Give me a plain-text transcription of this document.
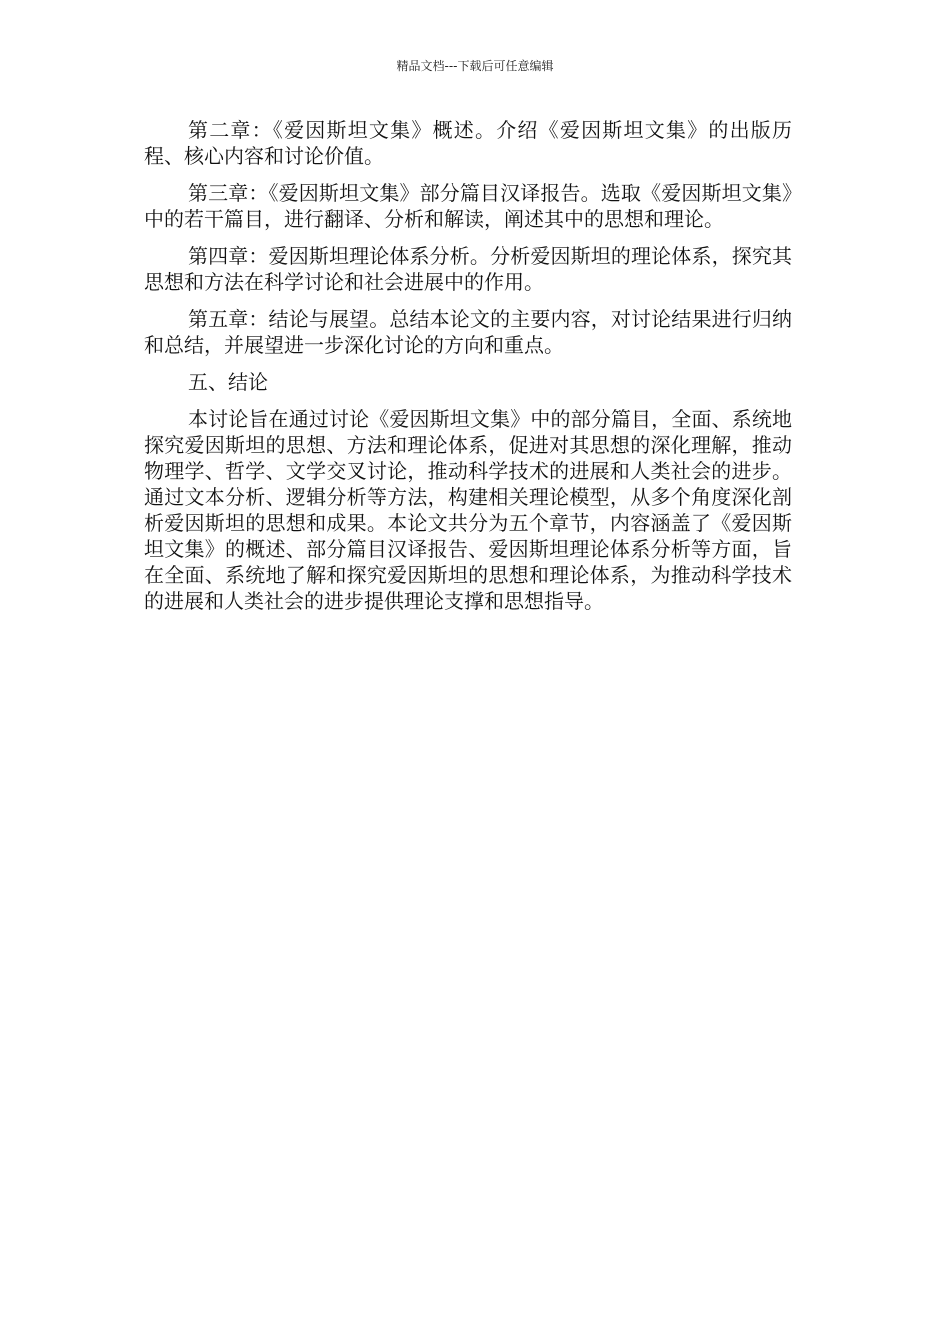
精品文档---下载后可任意编辑

第二章：《爱因斯坦文集》概述。介绍《爱因斯坦文集》的出版历程、核心内容和讨论价值。

第三章：《爱因斯坦文集》部分篇目汉译报告。选取《爱因斯坦文集》中的若干篇目，进行翻译、分析和解读，阐述其中的思想和理论。

第四章：爱因斯坦理论体系分析。分析爱因斯坦的理论体系，探究其思想和方法在科学讨论和社会进展中的作用。

第五章：结论与展望。总结本论文的主要内容，对讨论结果进行归纳和总结，并展望进一步深化讨论的方向和重点。

五、结论

本讨论旨在通过讨论《爱因斯坦文集》中的部分篇目，全面、系统地探究爱因斯坦的思想、方法和理论体系，促进对其思想的深化理解，推动物理学、哲学、文学交叉讨论，推动科学技术的进展和人类社会的进步。通过文本分析、逻辑分析等方法，构建相关理论模型，从多个角度深化剖析爱因斯坦的思想和成果。本论文共分为五个章节，内容涵盖了《爱因斯坦文集》的概述、部分篇目汉译报告、爱因斯坦理论体系分析等方面，旨在全面、系统地了解和探究爱因斯坦的思想和理论体系，为推动科学技术的进展和人类社会的进步提供理论支撑和思想指导。
